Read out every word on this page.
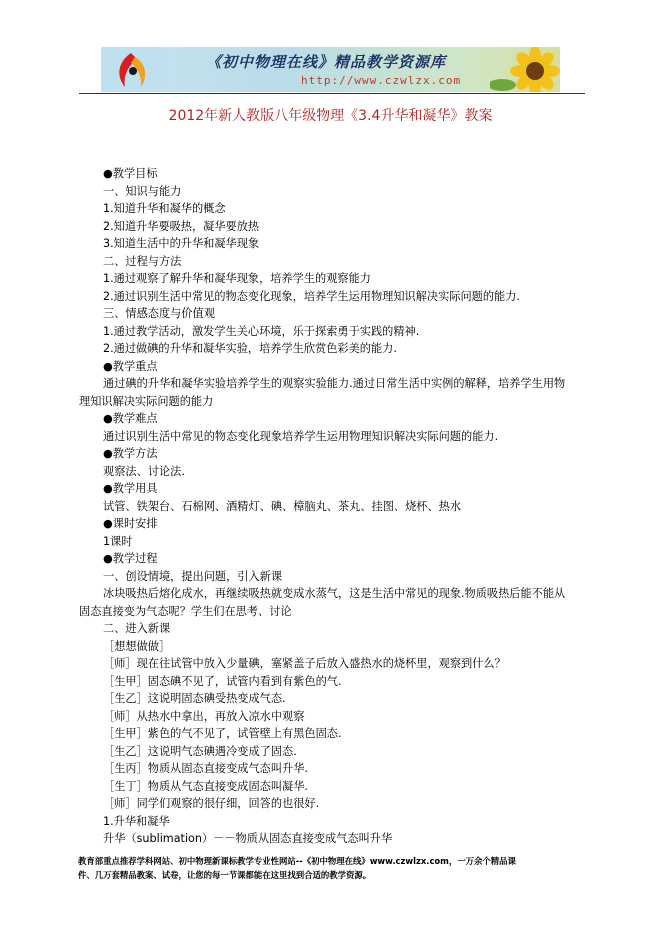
《初中物理在线》精品教学资源库
http://www.czwlzx.com
2012年新人教版八年级物理《3.4升华和凝华》教案
●教学目标
一、知识与能力
1.知道升华和凝华的概念
2.知道升华要吸热，凝华要放热
3.知道生活中的升华和凝华现象
二、过程与方法
1.通过观察了解升华和凝华现象，培养学生的观察能力
2.通过识别生活中常见的物态变化现象，培养学生运用物理知识解决实际问题的能力.
三、情感态度与价值观
1.通过教学活动，激发学生关心环境，乐于探索勇于实践的精神.
2.通过做碘的升华和凝华实验，培养学生欣赏色彩美的能力.
●教学重点
通过碘的升华和凝华实验培养学生的观察实验能力.通过日常生活中实例的解释，培养学生用物
理知识解决实际问题的能力
●教学难点
通过识别生活中常见的物态变化现象培养学生运用物理知识解决实际问题的能力.
●教学方法
观察法、讨论法.
●教学用具
试管、铁架台、石棉网、酒精灯、碘、樟脑丸、茶丸、挂图、烧杯、热水
●课时安排
1课时
●教学过程
一、创设情境，提出问题，引入新课
冰块吸热后熔化成水，再继续吸热就变成水蒸气，这是生活中常见的现象.物质吸热后能不能从
固态直接变为气态呢？学生们在思考、讨论
二、进入新课
［想想做做］
［师］现在往试管中放入少量碘，塞紧盖子后放入盛热水的烧杯里，观察到什么？
［生甲］固态碘不见了，试管内看到有紫色的气.
［生乙］这说明固态碘受热变成气态.
［师］从热水中拿出，再放入凉水中观察
［生甲］紫色的气不见了，试管壁上有黑色固态.
［生乙］这说明气态碘遇冷变成了固态.
［生丙］物质从固态直接变成气态叫升华.
［生丁］物质从气态直接变成固态叫凝华.
［师］同学们观察的很仔细，回答的也很好.
1.升华和凝华
升华（sublimation）－－物质从固态直接变成气态叫升华
教育部重点推荐学科网站、初中物理新课标教学专业性网站--《初中物理在线》www.czwlzx.com，一万余个精品课
件、几万套精品教案、试卷，让您的每一节课都能在这里找到合适的教学资源。
